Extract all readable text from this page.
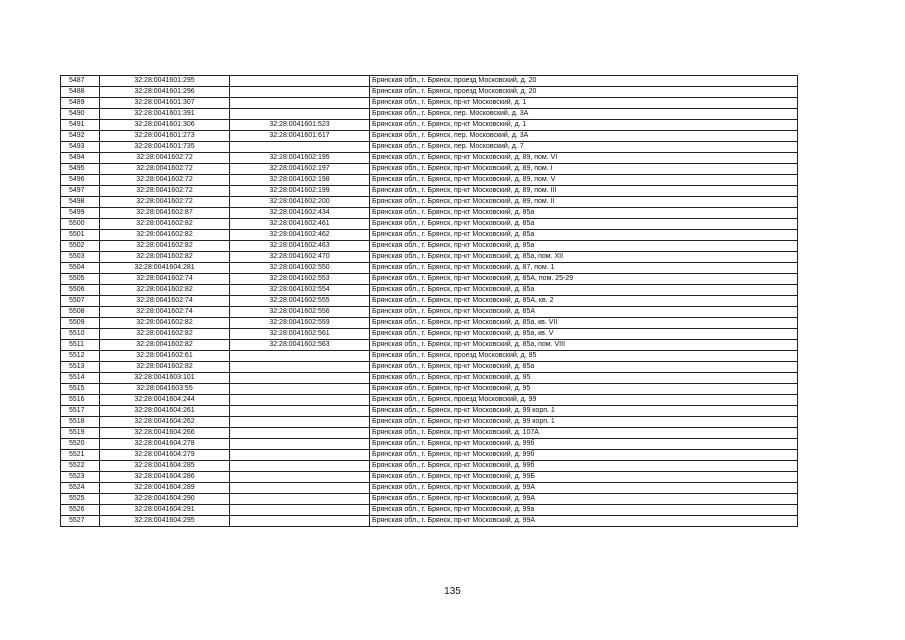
5487	32:28:0041601:295		Брянская обл., г. Брянск, проезд Московский, д. 20
5488	32:28:0041601:296		Брянская обл., г. Брянск, проезд Московский, д. 20
5489	32:28:0041601:307		Брянская обл., г. Брянск, пр-кт Московский, д. 1
5490	32:28:0041601:391		Брянская обл., г. Брянск, пер. Московский, д. 3А
5491	32:28:0041601:306	32:28:0041601:523	Брянская обл., г. Брянск, пр-кт Московский, д. 1
5492	32:28:0041601:273	32:28:0041601:617	Брянская обл., г. Брянск, пер. Московский, д. 3А
5493	32:28:0041601:735		Брянская обл., г. Брянск, пер. Московский, д. 7
5494	32:28:0041602:72	32:28:0041602:195	Брянская обл., г. Брянск, пр-кт Московский, д. 89, пом. VI
5495	32:28:0041602:72	32:28:0041602:197	Брянская обл., г. Брянск, пр-кт Московский, д. 89, пом. I
5496	32:28:0041602:72	32:28:0041602:198	Брянская обл., г. Брянск, пр-кт Московский, д. 89, пом. V
5497	32:28:0041602:72	32:28:0041602:199	Брянская обл., г. Брянск, пр-кт Московский, д. 89, пом. III
5498	32:28:0041602:72	32:28:0041602:200	Брянская обл., г. Брянск, пр-кт Московский, д. 89, пом. II
5499	32:28:0041602:87	32:28:0041602:434	Брянская обл., г. Брянск, пр-кт Московский, д. 85а
5500	32:28:0041602:82	32:28:0041602:461	Брянская обл., г. Брянск, пр-кт Московский, д. 85а
5501	32:28:0041602:82	32:28:0041602:462	Брянская обл., г. Брянск, пр-кт Московский, д. 85а
5502	32:28:0041602:82	32:28:0041602:463	Брянская обл., г. Брянск, пр-кт Московский, д. 85а
5503	32:28:0041602:82	32:28:0041602:470	Брянская обл., г. Брянск, пр-кт Московский, д. 85а, пом. XII
5504	32:28:0041604:281	32:28:0041602:550	Брянская обл., г. Брянск, пр-кт Московский, д. 87, пом. 1
5505	32:28:0041602:74	32:28:0041602:553	Брянская обл., г. Брянск, пр-кт Московский, д. 85А, пом. 25-29
5506	32:28:0041602:82	32:28:0041602:554	Брянская обл., г. Брянск, пр-кт Московский, д. 85а
5507	32:28:0041602:74	32:28:0041602:555	Брянская обл., г. Брянск, пр-кт Московский, д. 85А, кв. 2
5508	32:28:0041602:74	32:28:0041602:556	Брянская обл., г. Брянск, пр-кт Московский, д. 85А
5509	32:28:0041602:82	32:28:0041602:559	Брянская обл., г. Брянск, пр-кт Московский, д. 85а, кв. VII
5510	32:28:0041602:82	32:28:0041602:561	Брянская обл., г. Брянск, пр-кт Московский, д. 85а, кв. V
5511	32:28:0041602:82	32:28:0041602:563	Брянская обл., г. Брянск, пр-кт Московский, д. 85а, пом. VIII
5512	32:28:0041602:61		Брянская обл., г. Брянск, проезд Московский, д. 85
5513	32:28:0041602:82		Брянская обл., г. Брянск, пр-кт Московский, д. 85а
5514	32:28:0041603:101		Брянская обл., г. Брянск, пр-кт Московский, д. 95
5515	32:28:0041603:55		Брянская обл., г. Брянск, пр-кт Московский, д. 95
5516	32:28:0041604:244		Брянская обл., г. Брянск, проезд Московский, д. 99
5517	32:28:0041604:261		Брянская обл., г. Брянск, пр-кт Московский, д. 99 корп. 1
5518	32:28:0041604:262		Брянская обл., г. Брянск, пр-кт Московский, д. 99 корп. 1
5519	32:28:0041604:266		Брянская обл., г. Брянск, пр-кт Московский, д. 107А
5520	32:28:0041604:278		Брянская обл., г. Брянск, пр-кт Московский, д. 99б
5521	32:28:0041604:279		Брянская обл., г. Брянск, пр-кт Московский, д. 99б
5522	32:28:0041604:285		Брянская обл., г. Брянск, пр-кт Московский, д. 99б
5523	32:28:0041604:286		Брянская обл., г. Брянск, пр-кт Московский, д. 99Б
5524	32:28:0041604:289		Брянская обл., г. Брянск, пр-кт Московский, д. 99А
5525	32:28:0041604:290		Брянская обл., г. Брянск, пр-кт Московский, д. 99А
5526	32:28:0041604:291		Брянская обл., г. Брянск, пр-кт Московский, д. 99а
5527	32:28:0041604:295		Брянская обл., г. Брянск, пр-кт Московский, д. 99А
135
